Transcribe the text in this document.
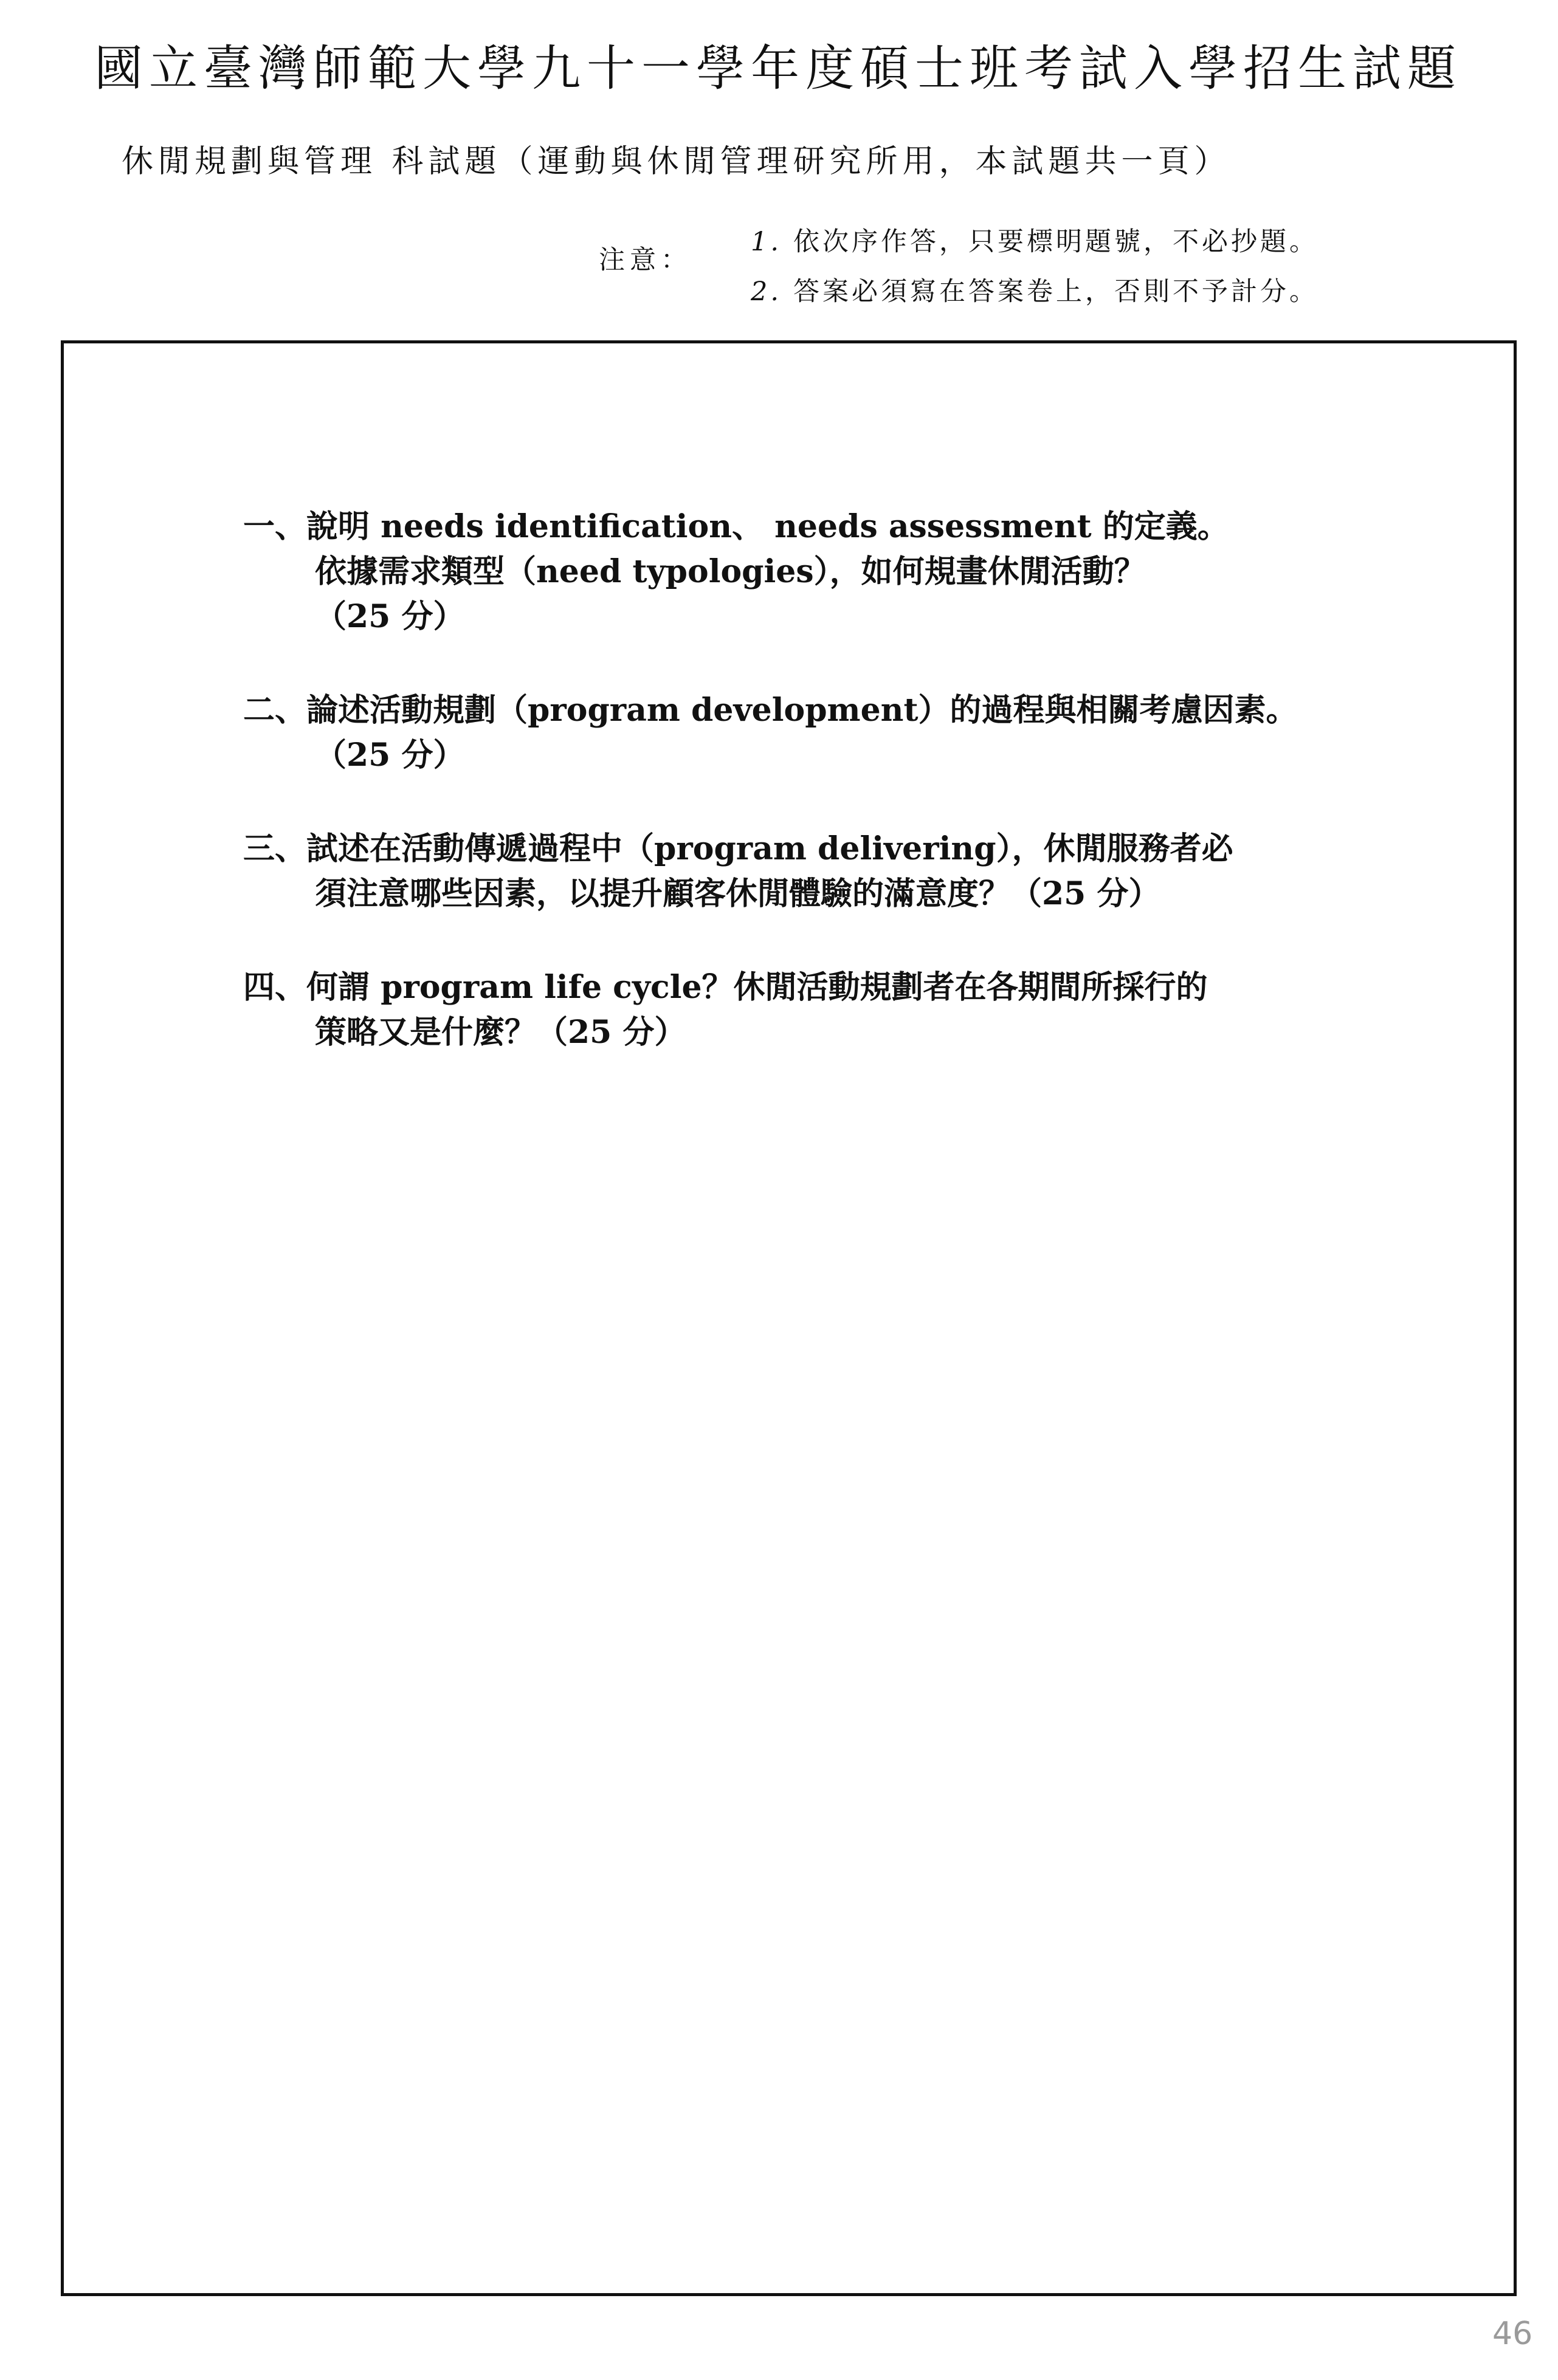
國立臺灣師範大學九十一學年度碩士班考試入學招生試題
休閒規劃與管理 科試題（運動與休閒管理研究所用，本試題共一頁）
注意：
1. 依次序作答，只要標明題號，不必抄題。
2. 答案必須寫在答案卷上，否則不予計分。
一、說明 needs identification、 needs assessment 的定義。
依據需求類型（need typologies），如何規畫休閒活動？
（25 分）
二、論述活動規劃（program development）的過程與相關考慮因素。
（25 分）
三、試述在活動傳遞過程中（program delivering），休閒服務者必
須注意哪些因素，以提升顧客休閒體驗的滿意度？（25 分）
四、何謂 program life cycle？休閒活動規劃者在各期間所採行的
策略又是什麼？（25 分）
46
